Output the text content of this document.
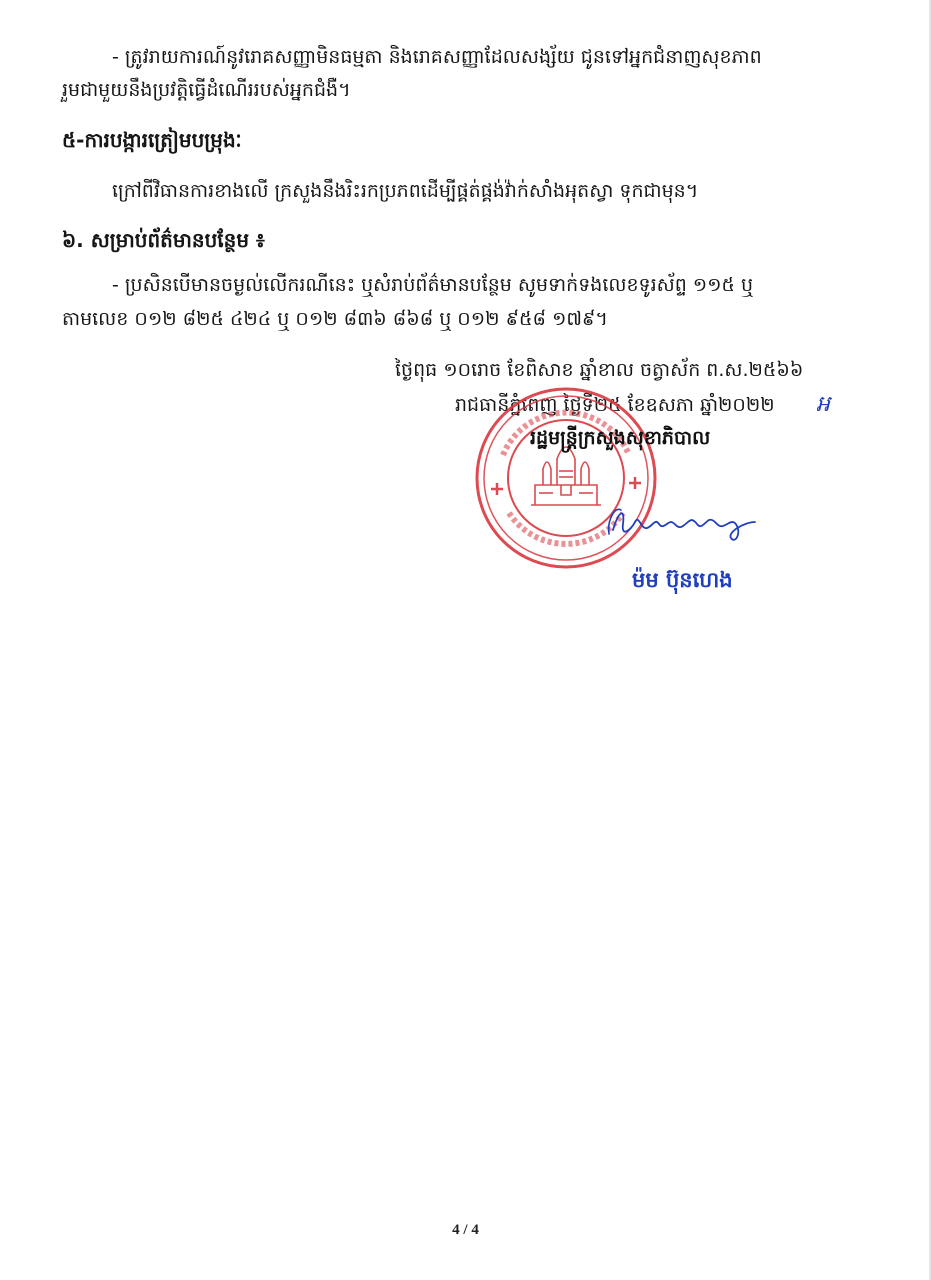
- ត្រូវរាយការណ៍នូវរោគសញ្ញាមិនធម្មតា និងរោគសញ្ញាដែលសង្ស័យ ជូនទៅអ្នកជំនាញសុខភាព
រួមជាមួយនឹងប្រវត្តិធ្វើដំណើររបស់អ្នកជំងឺ។
៥-ការបង្ការត្រៀមបម្រុងៈ
ក្រៅពីវិធានការខាងលើ ក្រសួងនឹងរិះរកប្រភពដើម្បីផ្គត់ផ្គង់វ៉ាក់សាំងអុតស្វា ទុកជាមុន។
៦. សម្រាប់ព័ត៌មានបន្ថែម ៖
- ប្រសិនបើមានចម្ងល់លើករណីនេះ ឬសំរាប់ព័ត៌មានបន្ថែម សូមទាក់ទងលេខទូរស័ព្ទ ១១៥ ឬ
តាមលេខ ០១២ ៨២៥ ៤២៤ ឬ ០១២ ៨៣៦ ៨៦៨ ឬ ០១២ ៩៥៨ ១៧៩។
ថ្ងៃពុធ ១០រោច ខែពិសាខ ឆ្នាំខាល ចត្វាស័ក ព.ស.២៥៦៦
រាជធានីភ្នំពេញ ថ្ងៃទី២៥ ខែឧសភា ឆ្នាំ២០២២ អ
រដ្ឋមន្ត្រីក្រសួងសុខាភិបាល
ម៉ម ប៊ុនហេង
4 / 4
